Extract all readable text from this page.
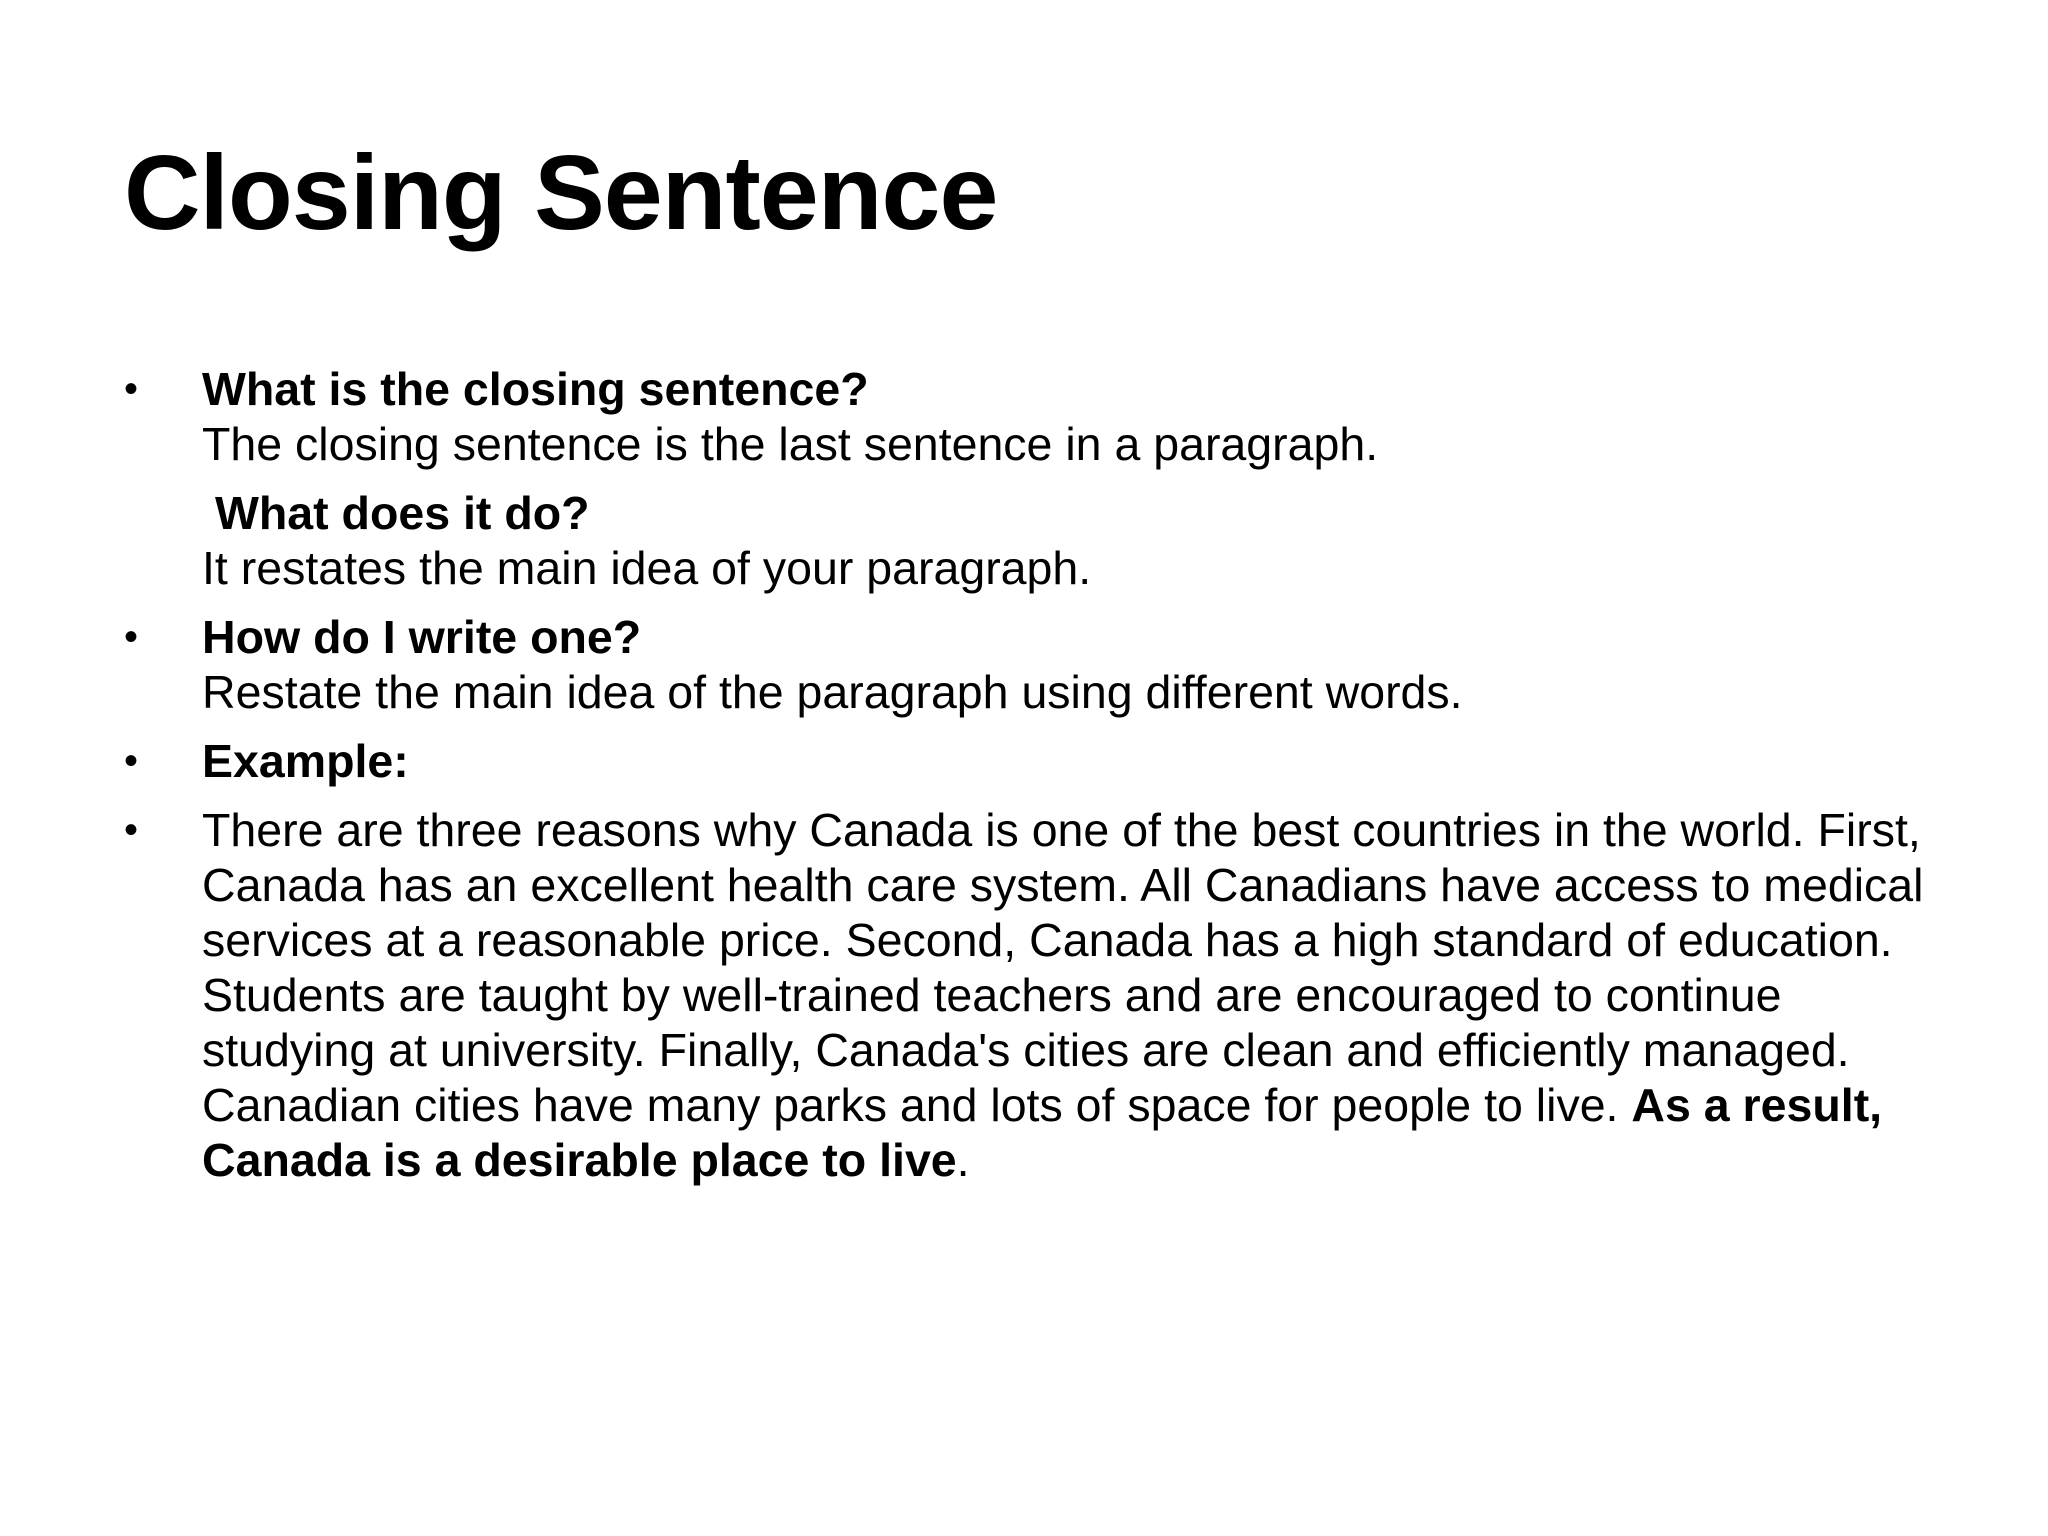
Closing Sentence
•	What is the closing sentence?
The closing sentence is the last sentence in a paragraph.
What does it do?
It restates the main idea of your paragraph.
•	How do I write one?
Restate the main idea of the paragraph using different words.
•	Example:
•	There are three reasons why Canada is one of the best countries in the world. First, Canada has an excellent health care system. All Canadians have access to medical services at a reasonable price. Second, Canada has a high standard of education. Students are taught by well-trained teachers and are encouraged to continue studying at university. Finally, Canada's cities are clean and efficiently managed. Canadian cities have many parks and lots of space for people to live. As a result, Canada is a desirable place to live.
